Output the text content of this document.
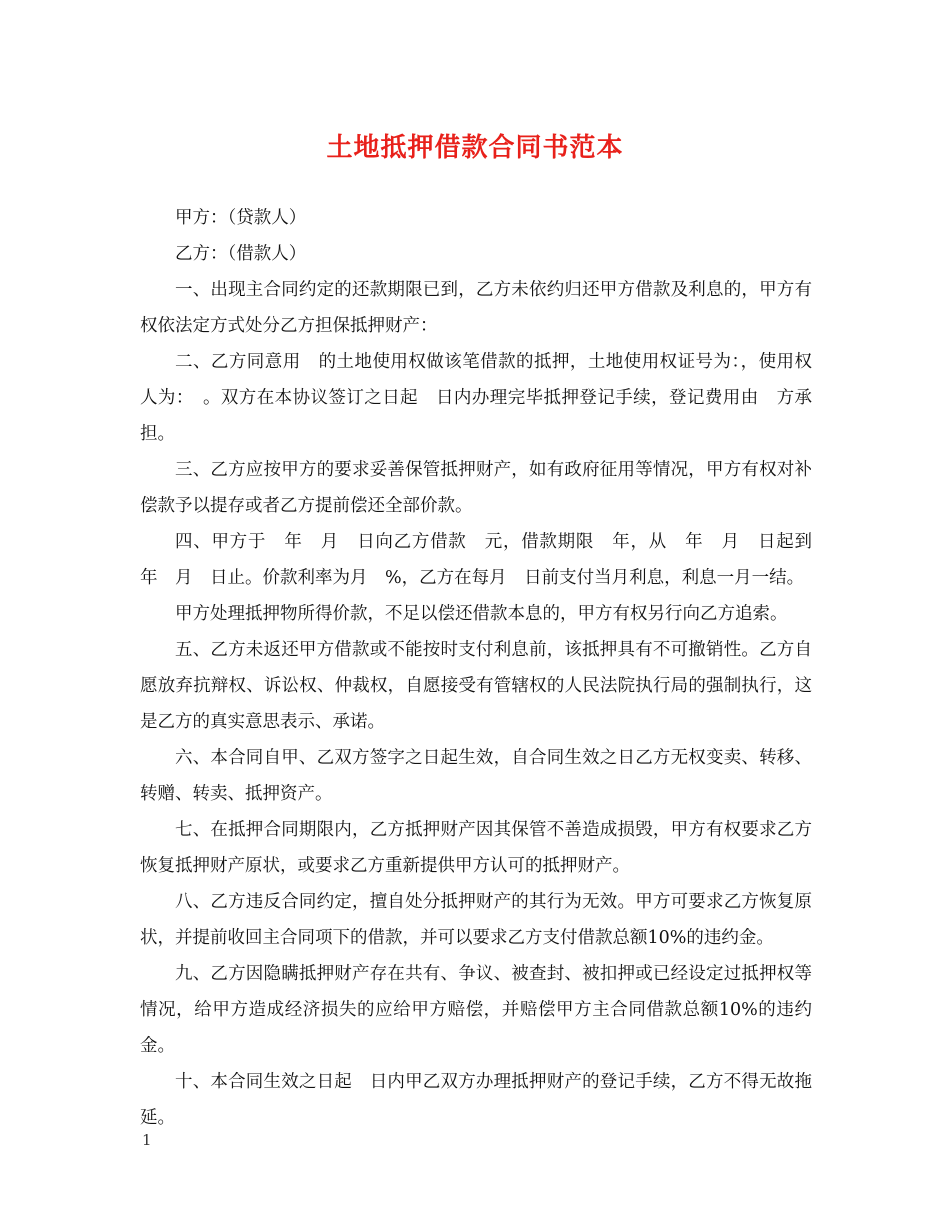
土地抵押借款合同书范本

甲方：（贷款人）

乙方：（借款人）

一、出现主合同约定的还款期限已到，乙方未依约归还甲方借款及利息的，甲方有权依法定方式处分乙方担保抵押财产：

二、乙方同意用　的土地使用权做该笔借款的抵押，土地使用权证号为：，使用权人为：　。双方在本协议签订之日起　日内办理完毕抵押登记手续，登记费用由　方承担。

三、乙方应按甲方的要求妥善保管抵押财产，如有政府征用等情况，甲方有权对补偿款予以提存或者乙方提前偿还全部价款。

四、甲方于　年　月　日向乙方借款　元，借款期限　年，从　年　月　日起到　年　月　日止。价款利率为月　%，乙方在每月　日前支付当月利息，利息一月一结。

甲方处理抵押物所得价款，不足以偿还借款本息的，甲方有权另行向乙方追索。

五、乙方未返还甲方借款或不能按时支付利息前，该抵押具有不可撤销性。乙方自愿放弃抗辩权、诉讼权、仲裁权，自愿接受有管辖权的人民法院执行局的强制执行，这是乙方的真实意思表示、承诺。

六、本合同自甲、乙双方签字之日起生效，自合同生效之日乙方无权变卖、转移、转赠、转卖、抵押资产。

七、在抵押合同期限内，乙方抵押财产因其保管不善造成损毁，甲方有权要求乙方恢复抵押财产原状，或要求乙方重新提供甲方认可的抵押财产。

八、乙方违反合同约定，擅自处分抵押财产的其行为无效。甲方可要求乙方恢复原状，并提前收回主合同项下的借款，并可以要求乙方支付借款总额10%的违约金。

九、乙方因隐瞒抵押财产存在共有、争议、被查封、被扣押或已经设定过抵押权等情况，给甲方造成经济损失的应给甲方赔偿，并赔偿甲方主合同借款总额10%的违约金。

十、本合同生效之日起　日内甲乙双方办理抵押财产的登记手续，乙方不得无故拖延。

1
